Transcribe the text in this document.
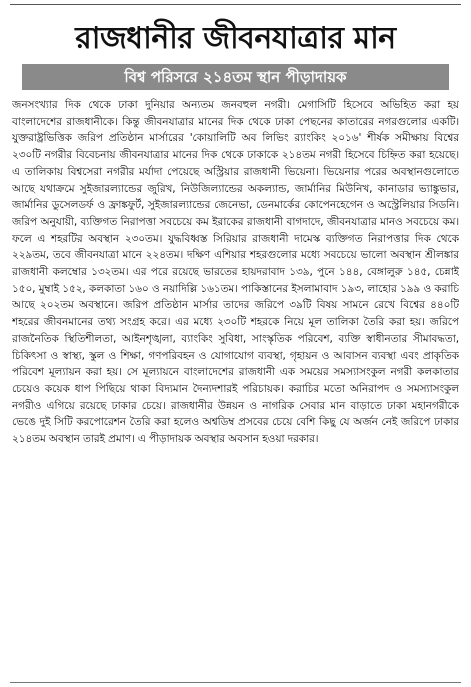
রাজধানীর জীবনযাত্রার মান
বিশ্ব পরিসরে ২১৪তম স্থান পীড়াদায়ক

জনসংখ্যার দিক থেকে ঢাকা দুনিয়ার অন্যতম জনবহুল নগরী। মেগাসিটি হিসেবে অভিহিত করা হয় বাংলাদেশের রাজধানীকে। কিন্তু জীবনযাত্রার মানের দিক থেকে ঢাকা পেছনের কাতারের নগরগুলোর একটি। যুক্তরাষ্ট্রভিত্তিক জরিপ প্রতিষ্ঠান মার্সারের 'কোয়ালিটি অব লিভিং র‌্যাংকিং ২০১৬' শীর্ষক সমীক্ষায় বিশ্বের ২৩০টি নগরীর বিবেচনায় জীবনযাত্রার মানের দিক থেকে ঢাকাকে ২১৪তম নগরী হিসেবে চিহ্নিত করা হয়েছে। এ তালিকায় বিশ্বসেরা নগরীর মর্যাদা পেয়েছে অস্ট্রিয়ার রাজধানী ভিয়েনা। ভিয়েনার পরের অবস্থানগুলোতে আছে যথাক্রমে সুইজারল্যান্ডের জুরিখ, নিউজিল্যান্ডের অকল্যান্ড, জার্মানির মিউনিখ, কানাডার ভ্যাঙ্কুভার, জার্মানির ডুসেলডর্ফ ও ফ্রাঙ্কফুর্ট, সুইজারল্যান্ডের জেনেভা, ডেনমার্কের কোপেনহেগেন ও অস্ট্রেলিয়ার সিডনি। জরিপ অনুযায়ী, ব্যক্তিগত নিরাপত্তা সবচেয়ে কম ইরাকের রাজধানী বাগদাদে, জীবনযাত্রার মানও সবচেয়ে কম। ফলে এ শহরটির অবস্থান ২৩০তম। যুদ্ধবিধ্বস্ত সিরিয়ার রাজধানী দামেস্ক ব্যক্তিগত নিরাপত্তার দিক থেকে ২২৯তম, তবে জীবনযাত্রা মানে ২২৪তম। দক্ষিণ এশিয়ার শহরগুলোর মধ্যে সবচেয়ে ভালো অবস্থান শ্রীলঙ্কার রাজধানী কলম্বোর ১৩২তম। এর পরে রয়েছে ভারতের হায়দরাবাদ ১৩৯, পুনে ১৪৪, বেঙ্গালুরু ১৪৫, চেন্নাই ১৫০, মুম্বাই ১৫২, কলকাতা ১৬০ ও নয়াদিল্লি ১৬১তম। পাকিস্তানের ইসলামাবাদ ১৯৩, লাহোর ১৯৯ ও করাচি আছে ২০২তম অবস্থানে। জরিপ প্রতিষ্ঠান মার্সার তাদের জরিপে ৩৯টি বিষয় সামনে রেখে বিশ্বের ৪৪০টি শহরের জীবনমানের তথ্য সংগ্রহ করে। এর মধ্যে ২৩০টি শহরকে নিয়ে মূল তালিকা তৈরি করা হয়। জরিপে রাজনৈতিক স্থিতিশীলতা, আইনশৃঙ্খলা, ব্যাংকিং সুবিধা, সাংস্কৃতিক পরিবেশ, ব্যক্তি স্বাধীনতার সীমাবদ্ধতা, চিকিৎসা ও স্বাস্থ্য, স্কুল ও শিক্ষা, গণপরিবহন ও যোগাযোগ ব্যবস্থা, গৃহায়ন ও আবাসন ব্যবস্থা এবং প্রাকৃতিক পরিবেশ মূল্যায়ন করা হয়। সে মূল্যায়নে বাংলাদেশের রাজধানী এক সময়ের সমস্যাসংকুল নগরী কলকাতার চেয়েও কয়েক ধাপ পিছিয়ে থাকা বিদ্যমান দৈন্যদশারই পরিচায়ক। করাচির মতো অনিরাপদ ও সমস্যাসংকুল নগরীও এগিয়ে রয়েছে ঢাকার চেয়ে। রাজধানীর উন্নয়ন ও নাগরিক সেবার মান বাড়াতে ঢাকা মহানগরীকে ভেঙে দুই সিটি করপোরেশন তৈরি করা হলেও অশ্বডিম্ব প্রসবের চেয়ে বেশি কিছু যে অর্জন নেই জরিপে ঢাকার ২১৪তম অবস্থান তারই প্রমাণ। এ পীড়াদায়ক অবস্থার অবসান হওয়া দরকার।
